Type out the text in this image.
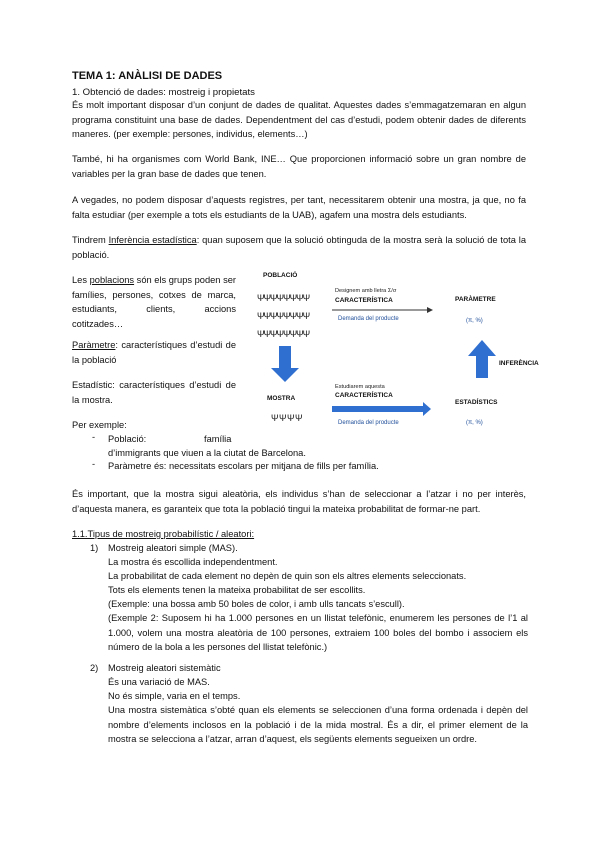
TEMA 1: ANÀLISI DE DADES
1. Obtenció de dades: mostreig i propietats
És molt important disposar d’un conjunt de dades de qualitat. Aquestes dades s’emmagatzemaran en algun programa constituint una base de dades. Dependentment del cas d’estudi, podem obtenir dades de diferents maneres. (per exemple: persones, individus, elements…)
També, hi ha organismes com World Bank, INE… Que proporcionen informació sobre un gran nombre de variables per la gran base de dades que tenen.
A vegades, no podem disposar d’aquests registres, per tant, necessitarem obtenir una mostra, ja que, no fa falta estudiar (per exemple a tots els estudiants de la UAB), agafem una mostra dels estudiants.
Tindrem Inferència estadística: quan suposem que la solució obtinguda de la mostra serà la solució de tota la població.
Les poblacions són els grups poden ser famílies, persones, cotxes de marca, estudiants, clients, accions cotitzades…
Paràmetre: característiques d’estudi de la població
Estadístic: característiques d’estudi de la mostra.
Per exemple:
- Població:	família
d’immigrants que viuen a la ciutat de Barcelona.
- Paràmetre és: necessitats escolars per mitjana de fills per família.
POBLACIÓ
ΨΨΨΨΨΨΨΨ
ΨΨΨΨΨΨΨΨ
ΨΨΨΨΨΨΨΨ
Designem amb lletra Σ/σ
CARACTERÍSTICA
Demanda del producte
PARÀMETRE
(π, %)
INFERÈNCIA
MOSTRA
Ψ Ψ Ψ Ψ
Estudiarem aquesta
CARACTERÍSTICA
Demanda del producte
ESTADÍSTICS
(π, %)
És important, que la mostra sigui aleatòria, els individus s’han de seleccionar a l’atzar i no per interès, d’aquesta manera, es garanteix que tota la població tingui la mateixa probabilitat de formar-ne part.
1.1.Tipus de mostreig probabilístic / aleatori:
1) Mostreig aleatori simple (MAS).
La mostra és escollida independentment.
La probabilitat de cada element no depèn de quin son els altres elements seleccionats.
Tots els elements tenen la mateixa probabilitat de ser escollits.
(Exemple: una bossa amb 50 boles de color, i amb ulls tancats s’escull).
(Exemple 2: Suposem hi ha 1.000 persones en un llistat telefònic, enumerem les persones de l’1 al 1.000, volem una mostra aleatòria de 100 persones, extraiem 100 boles del bombo i associem els número de la bola a les persones del llistat telefònic.)
2) Mostreig aleatori sistemàtic
És una variació de MAS.
No és simple, varia en el temps.
Una mostra sistemàtica s’obté quan els elements se seleccionen d’una forma ordenada i depèn del nombre d’elements inclosos en la població i de la mida mostral. És a dir, el primer element de la mostra se selecciona a l’atzar, arran d’aquest, els següents elements segueixen un ordre.
